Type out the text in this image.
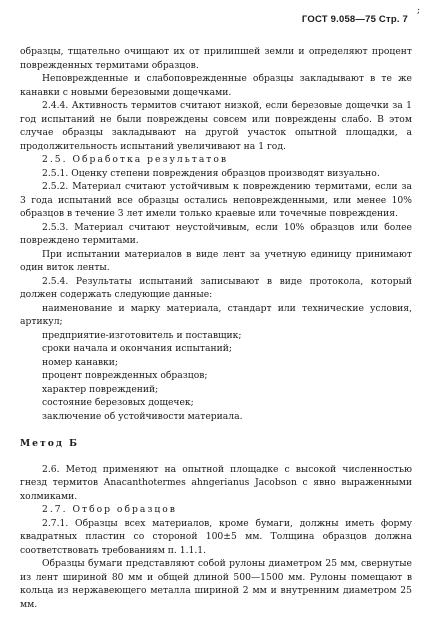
ГОСТ 9.058—75 Стр. 7
;

образцы, тщательно очищают их от прилипшей земли и определяют процент поврежденных термитами образцов.

Неповрежденные и слабоповрежденные образцы закладывают в те же канавки с новыми березовыми дощечками.

2.4.4. Активность термитов считают низкой, если березовые дощечки за 1 год испытаний не были повреждены совсем или повреждены слабо. В этом случае образцы закладывают на другой участок опытной площадки, а продолжительность испытаний увеличивают на 1 год.

2.5. Обработка результатов

2.5.1. Оценку степени повреждения образцов производят визуально.

2.5.2. Материал считают устойчивым к повреждению термитами, если за 3 года испытаний все образцы остались неповрежденными, или менее 10% образцов в течение 3 лет имели только краевые или точечные повреждения.

2.5.3. Материал считают неустойчивым, если 10% образцов или более повреждено термитами.

При испытании материалов в виде лент за учетную единицу принимают один виток ленты.

2.5.4. Результаты испытаний записывают в виде протокола, который должен содержать следующие данные:

наименование и марку материала, стандарт или технические условия, артикул;

предприятие-изготовитель и поставщик;

сроки начала и окончания испытаний;

номер канавки;

процент поврежденных образцов;

характер повреждений;

состояние березовых дощечек;

заключение об устойчивости материала.

Метод Б

2.6. Метод применяют на опытной площадке с высокой численностью гнезд термитов Anacanthotermes ahngerianus Jacobson с явно выраженными холмиками.

2.7. Отбор образцов

2.7.1. Образцы всех материалов, кроме бумаги, должны иметь форму квадратных пластин со стороной 100±5 мм. Толщина образцов должна соответствовать требованиям п. 1.1.1.

Образцы бумаги представляют собой рулоны диаметром 25 мм, свернутые из лент шириной 80 мм и общей длиной 500—1500 мм. Рулоны помещают в кольца из нержавеющего металла шириной 2 мм и внутренним диаметром 25 мм.
